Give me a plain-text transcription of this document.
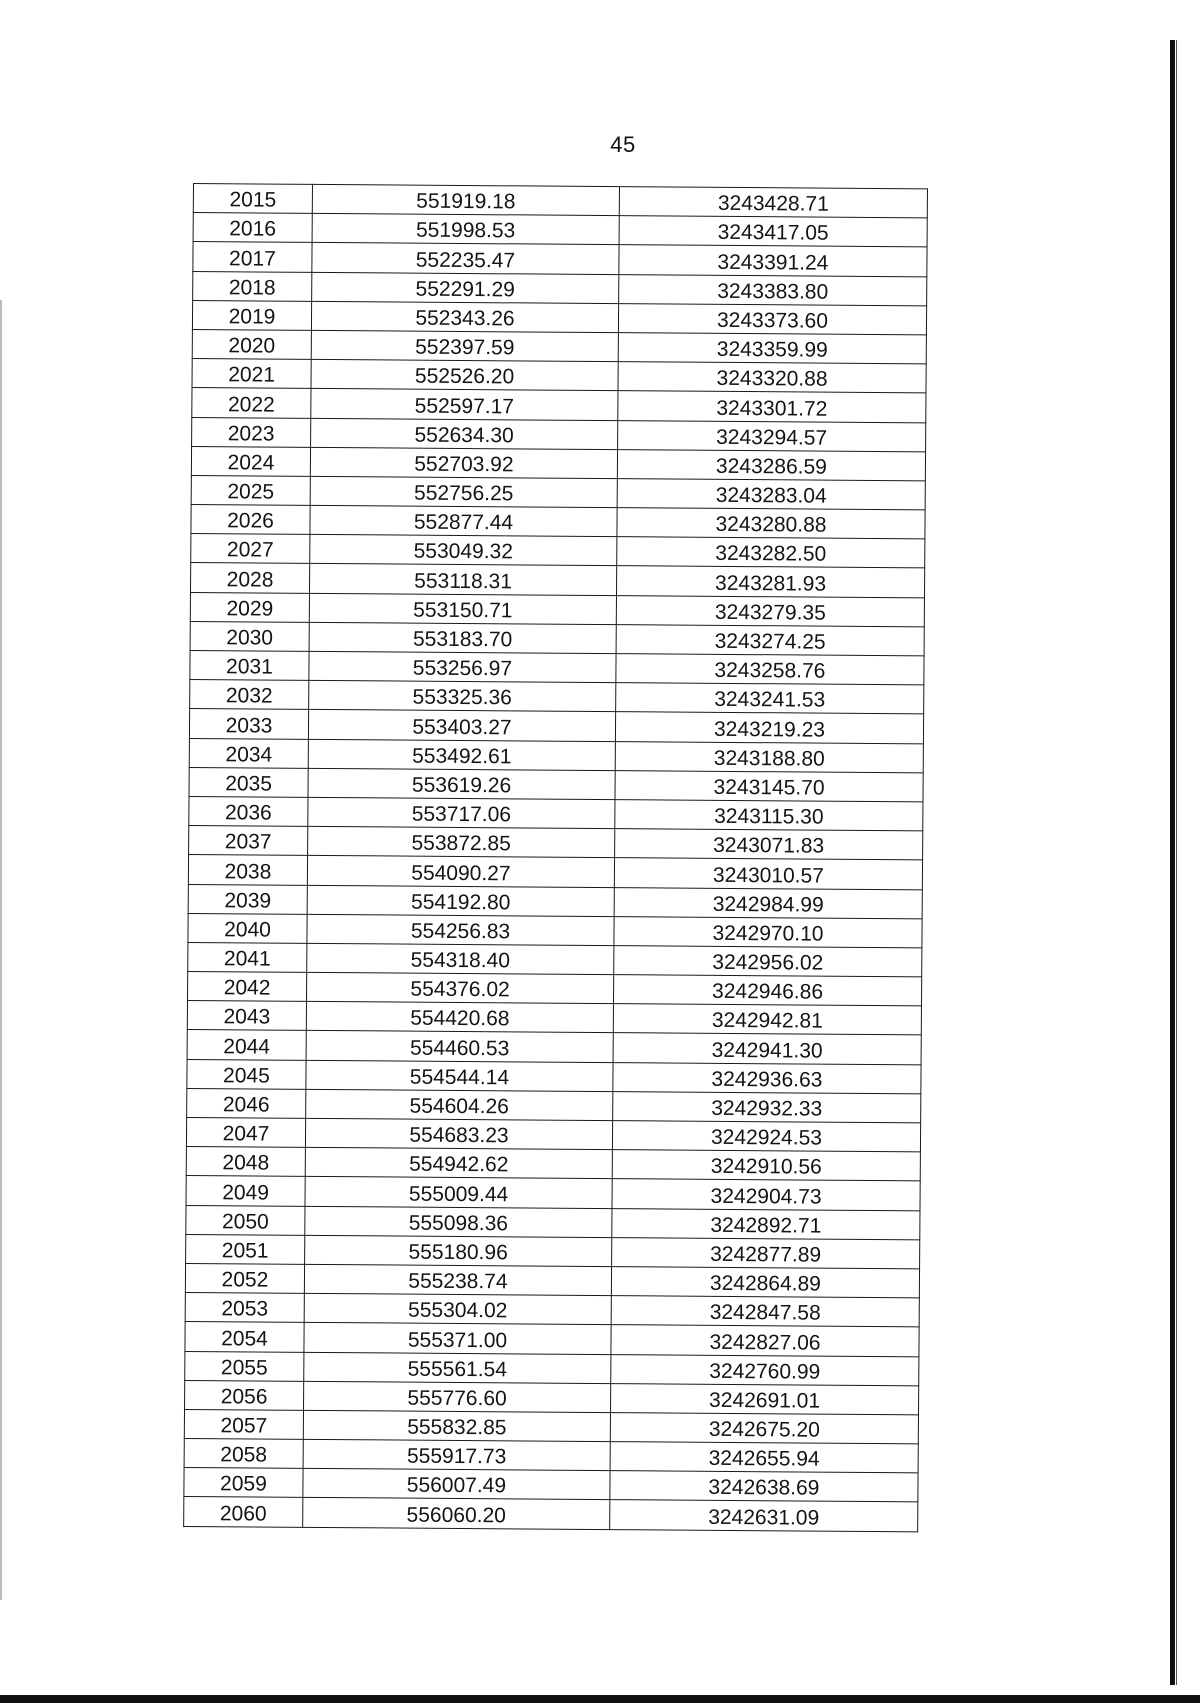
45
2015	551919.18	3243428.71
2016	551998.53	3243417.05
2017	552235.47	3243391.24
2018	552291.29	3243383.80
2019	552343.26	3243373.60
2020	552397.59	3243359.99
2021	552526.20	3243320.88
2022	552597.17	3243301.72
2023	552634.30	3243294.57
2024	552703.92	3243286.59
2025	552756.25	3243283.04
2026	552877.44	3243280.88
2027	553049.32	3243282.50
2028	553118.31	3243281.93
2029	553150.71	3243279.35
2030	553183.70	3243274.25
2031	553256.97	3243258.76
2032	553325.36	3243241.53
2033	553403.27	3243219.23
2034	553492.61	3243188.80
2035	553619.26	3243145.70
2036	553717.06	3243115.30
2037	553872.85	3243071.83
2038	554090.27	3243010.57
2039	554192.80	3242984.99
2040	554256.83	3242970.10
2041	554318.40	3242956.02
2042	554376.02	3242946.86
2043	554420.68	3242942.81
2044	554460.53	3242941.30
2045	554544.14	3242936.63
2046	554604.26	3242932.33
2047	554683.23	3242924.53
2048	554942.62	3242910.56
2049	555009.44	3242904.73
2050	555098.36	3242892.71
2051	555180.96	3242877.89
2052	555238.74	3242864.89
2053	555304.02	3242847.58
2054	555371.00	3242827.06
2055	555561.54	3242760.99
2056	555776.60	3242691.01
2057	555832.85	3242675.20
2058	555917.73	3242655.94
2059	556007.49	3242638.69
2060	556060.20	3242631.09
